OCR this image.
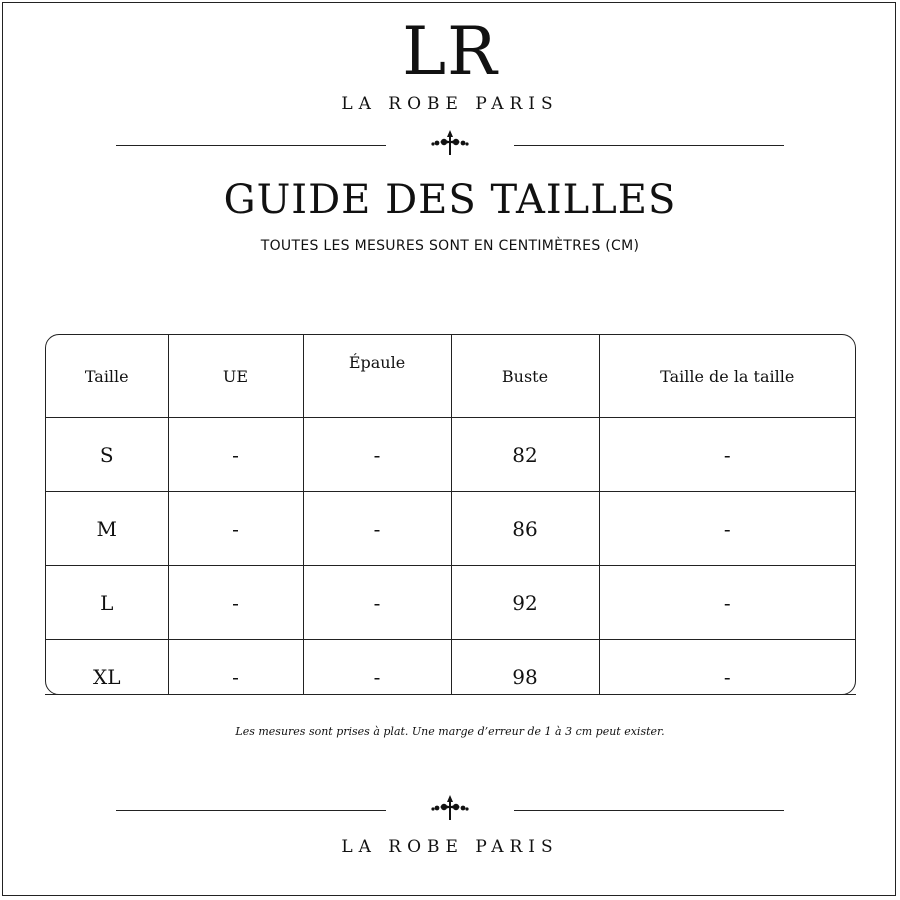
LR
LA ROBE PARIS
GUIDE DES TAILLES
TOUTES LES MESURES SONT EN CENTIMÈTRES (CM)
Taille	UE	Épaule	Buste	Taille de la taille
S	-	-	82	-
M	-	-	86	-
L	-	-	92	-
XL	-	-	98	-
Les mesures sont prises à plat. Une marge d’erreur de 1 à 3 cm peut exister.
LA ROBE PARIS
